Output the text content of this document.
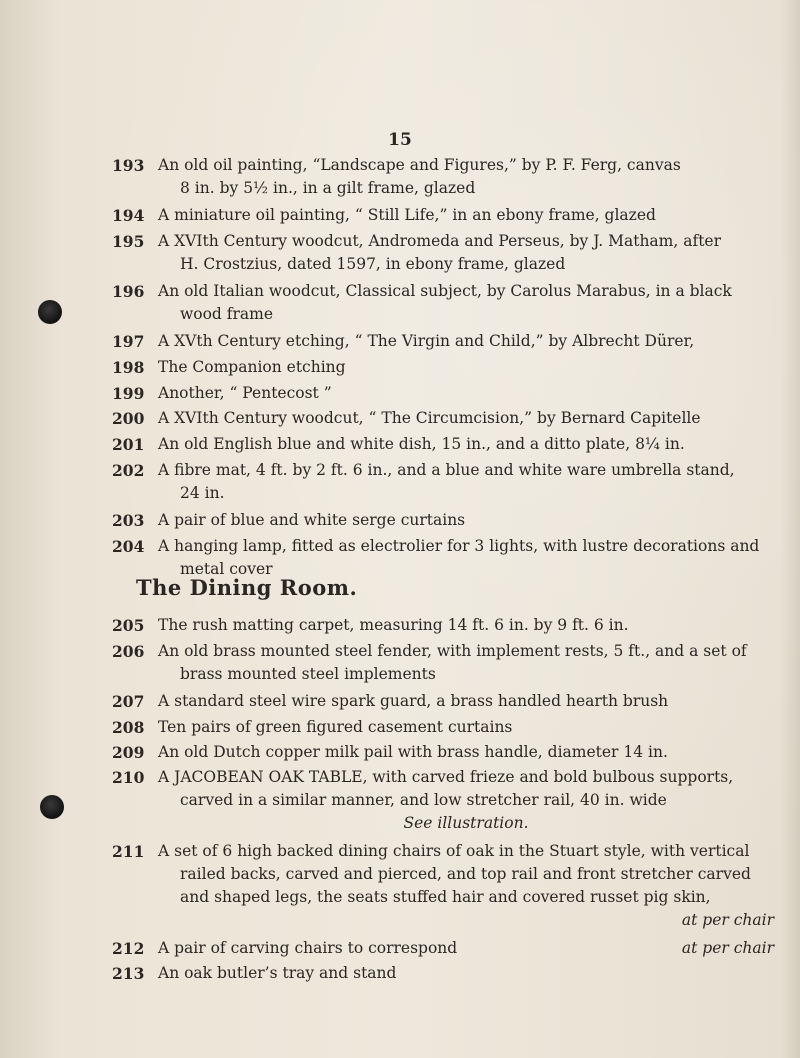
15
193 An old oil painting, “Landscape and Figures,” by P. F. Ferg, canvas
8 in. by 5½ in., in a gilt frame, glazed
194 A miniature oil painting, “ Still Life,” in an ebony frame, glazed
195 A XVIth Century woodcut, Andromeda and Perseus, by J. Matham, after
H. Crostzius, dated 1597, in ebony frame, glazed
196 An old Italian woodcut, Classical subject, by Carolus Marabus, in a black
wood frame
197 A XVth Century etching, “ The Virgin and Child,” by Albrecht Dürer,
198 The Companion etching
199 Another, “ Pentecost ”
200 A XVIth Century woodcut, “ The Circumcision,” by Bernard Capitelle
201 An old English blue and white dish, 15 in., and a ditto plate, 8¼ in.
202 A fibre mat, 4 ft. by 2 ft. 6 in., and a blue and white ware umbrella stand,
24 in.
203 A pair of blue and white serge curtains
204 A hanging lamp, fitted as electrolier for 3 lights, with lustre decorations and
metal cover
The Dining Room.
205 The rush matting carpet, measuring 14 ft. 6 in. by 9 ft. 6 in.
206 An old brass mounted steel fender, with implement rests, 5 ft., and a set of
brass mounted steel implements
207 A standard steel wire spark guard, a brass handled hearth brush
208 Ten pairs of green figured casement curtains
209 An old Dutch copper milk pail with brass handle, diameter 14 in.
210 A JACOBEAN OAK TABLE, with carved frieze and bold bulbous supports,
carved in a similar manner, and low stretcher rail, 40 in. wide
See illustration.
211 A set of 6 high backed dining chairs of oak in the Stuart style, with vertical
railed backs, carved and pierced, and top rail and front stretcher carved
and shaped legs, the seats stuffed hair and covered russet pig skin,
at per chair
212 A pair of carving chairs to correspond	at per chair
213 An oak butler’s tray and stand
